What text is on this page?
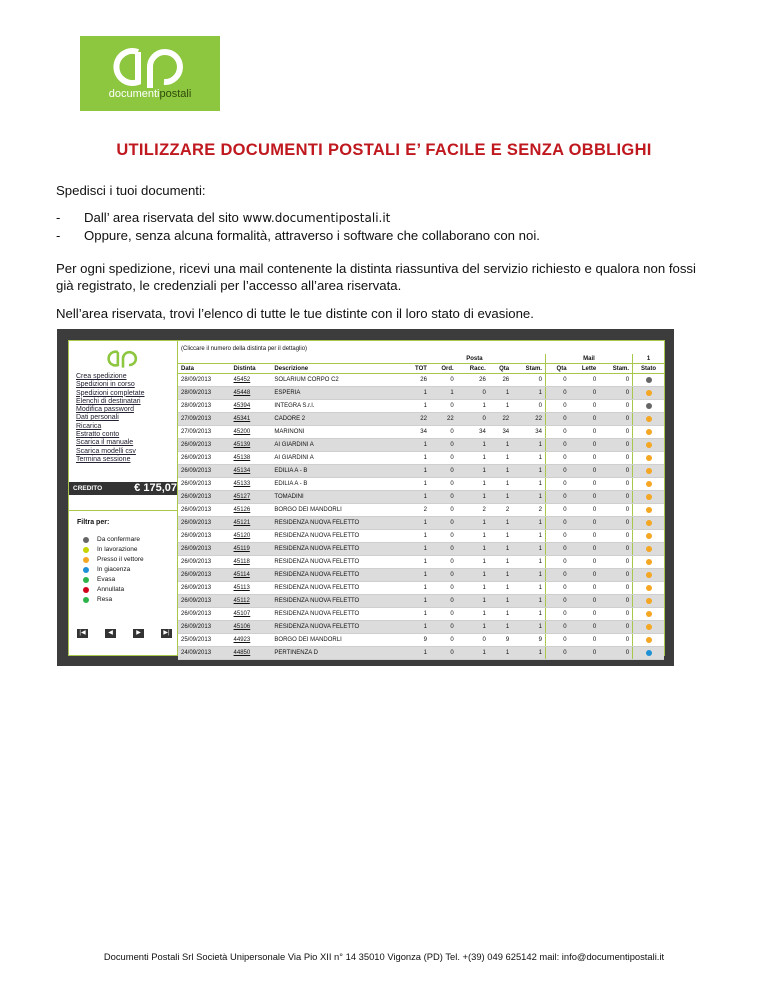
documentipostali
UTILIZZARE DOCUMENTI POSTALI E’ FACILE E SENZA OBBLIGHI
Spedisci i tuoi documenti:
-	Dall’ area riservata del sito www.documentipostali.it
-	Oppure, senza alcuna formalità, attraverso i software che collaborano con noi.
Per ogni spedizione, ricevi una mail contenente la distinta riassuntiva del servizio richiesto e qualora non fossi già registrato, le credenziali per l’accesso all’area riservata.
Nell’area riservata, trovi l’elenco di tutte le tue distinte con il loro stato di evasione.
Crea spedizione
Spedizioni in corso
Spedizioni completate
Elenchi di destinatari
Modifica password
Dati personali
Ricarica
Estratto conto
Scarica il manuale
Scarica modelli csv
Termina sessione
CREDITO	€ 175,07
Filtra per:
Da confermare
In lavorazione
Presso il vettore
In giacenza
Evasa
Annullata
Resa
|◀	◀	▶	▶|
(Cliccare il numero della distinta per il dettaglio)
			Posta					Mail			1
Data	Distinta	Descrizione	TOT	Ord.	Racc.	Qta	Stam.	Qta	Lette	Stam.	Stato
28/09/2013	45452	SOLARIUM CORPO C2	26	0	26	26	0	0	0	0	
28/09/2013	45448	ESPERIA	1	1	0	1	1	0	0	0	
28/09/2013	45394	INTEGRA S.r.l.	1	0	1	1	0	0	0	0	
27/09/2013	45341	CADORE 2	22	22	0	22	22	0	0	0	
27/09/2013	45200	MARINONI	34	0	34	34	34	0	0	0	
26/09/2013	45139	AI GIARDINI A	1	0	1	1	1	0	0	0	
26/09/2013	45138	AI GIARDINI A	1	0	1	1	1	0	0	0	
26/09/2013	45134	EDILIA A - B	1	0	1	1	1	0	0	0	
26/09/2013	45133	EDILIA A - B	1	0	1	1	1	0	0	0	
26/09/2013	45127	TOMADINI	1	0	1	1	1	0	0	0	
26/09/2013	45126	BORGO DEI MANDORLI	2	0	2	2	2	0	0	0	
26/09/2013	45121	RESIDENZA NUOVA FELETTO	1	0	1	1	1	0	0	0	
26/09/2013	45120	RESIDENZA NUOVA FELETTO	1	0	1	1	1	0	0	0	
26/09/2013	45119	RESIDENZA NUOVA FELETTO	1	0	1	1	1	0	0	0	
26/09/2013	45118	RESIDENZA NUOVA FELETTO	1	0	1	1	1	0	0	0	
26/09/2013	45114	RESIDENZA NUOVA FELETTO	1	0	1	1	1	0	0	0	
26/09/2013	45113	RESIDENZA NUOVA FELETTO	1	0	1	1	1	0	0	0	
26/09/2013	45112	RESIDENZA NUOVA FELETTO	1	0	1	1	1	0	0	0	
26/09/2013	45107	RESIDENZA NUOVA FELETTO	1	0	1	1	1	0	0	0	
26/09/2013	45106	RESIDENZA NUOVA FELETTO	1	0	1	1	1	0	0	0	
25/09/2013	44923	BORGO DEI MANDORLI	9	0	0	9	9	0	0	0	
24/09/2013	44850	PERTINENZA D	1	0	1	1	1	0	0	0	
Documenti Postali Srl Società Unipersonale Via Pio XII n° 14 35010 Vigonza (PD) Tel. +(39) 049 625142 mail: info@documentipostali.it
